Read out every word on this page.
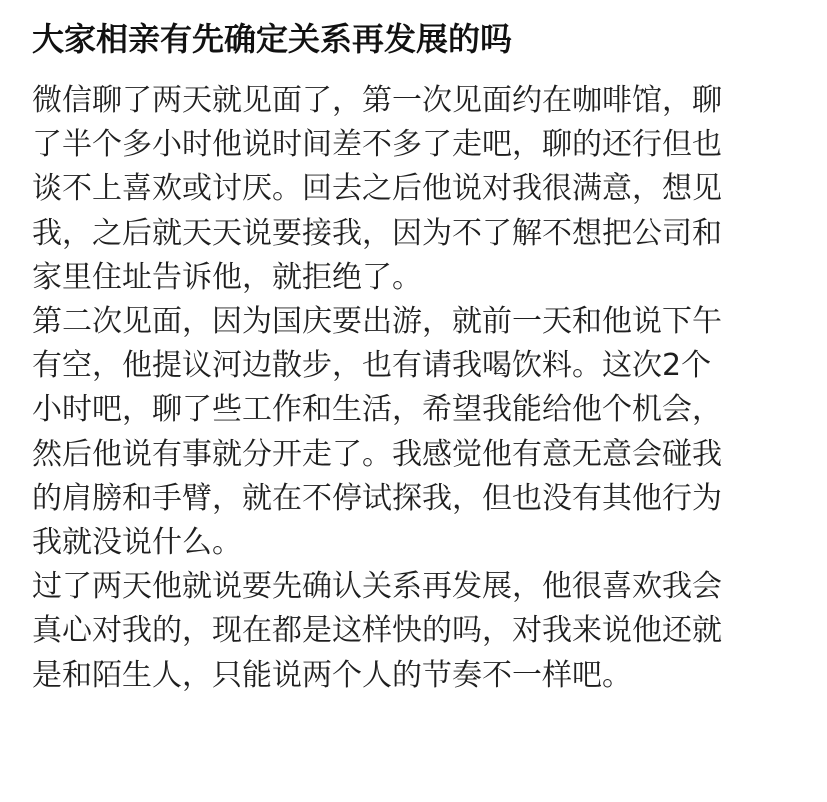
大家相亲有先确定关系再发展的吗
微信聊了两天就见面了，第一次见面约在咖啡馆，聊
了半个多小时他说时间差不多了走吧，聊的还行但也
谈不上喜欢或讨厌。回去之后他说对我很满意，想见
我，之后就天天说要接我，因为不了解不想把公司和
家里住址告诉他，就拒绝了。
第二次见面，因为国庆要出游，就前一天和他说下午
有空，他提议河边散步，也有请我喝饮料。这次2个
小时吧，聊了些工作和生活，希望我能给他个机会，
然后他说有事就分开走了。我感觉他有意无意会碰我
的肩膀和手臂，就在不停试探我，但也没有其他行为
我就没说什么。
过了两天他就说要先确认关系再发展，他很喜欢我会
真心对我的，现在都是这样快的吗，对我来说他还就
是和陌生人，只能说两个人的节奏不一样吧。
